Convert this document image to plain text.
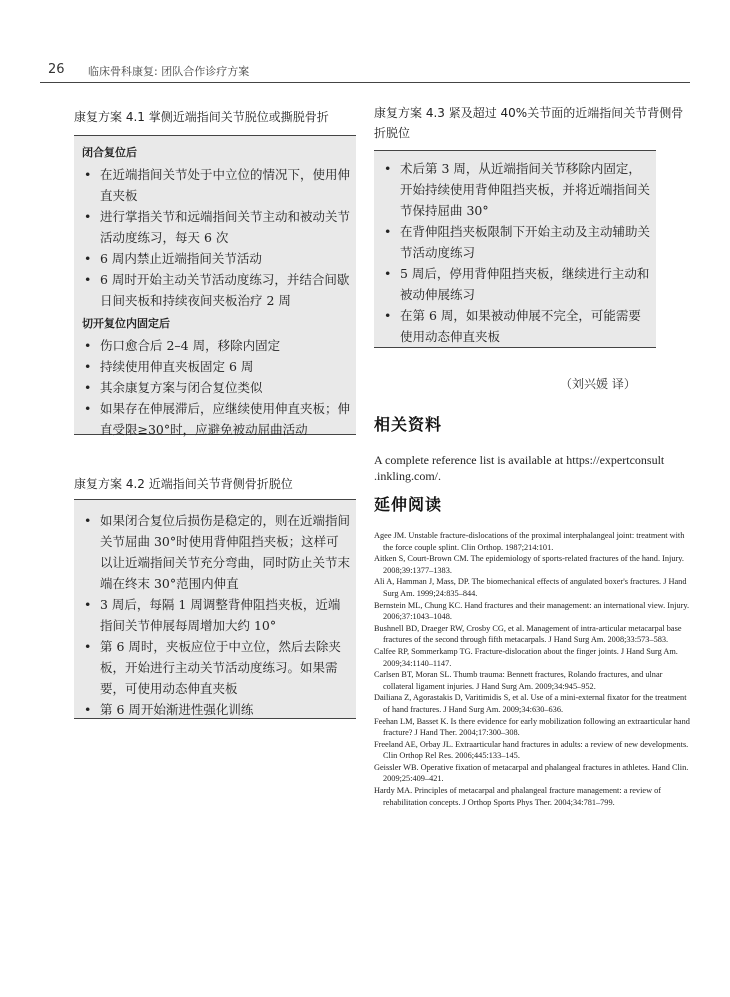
26 临床骨科康复: 团队合作诊疗方案
康复方案 4.1 掌侧近端指间关节脱位或撕脱骨折
闭合复位后
• 在近端指间关节处于中立位的情况下，使用伸直夹板
• 进行掌指关节和远端指间关节主动和被动关节活动度练习，每天 6 次
• 6 周内禁止近端指间关节活动
• 6 周时开始主动关节活动度练习，并结合间歇日间夹板和持续夜间夹板治疗 2 周
切开复位内固定后
• 伤口愈合后 2–4 周，移除内固定
• 持续使用伸直夹板固定 6 周
• 其余康复方案与闭合复位类似
• 如果存在伸展滞后，应继续使用伸直夹板；伸直受限≥30°时，应避免被动屈曲活动
康复方案 4.2 近端指间关节背侧骨折脱位
• 如果闭合复位后损伤是稳定的，则在近端指间关节屈曲 30°时使用背伸阻挡夹板；这样可以让近端指间关节充分弯曲，同时防止关节末端在终末 30°范围内伸直
• 3 周后，每隔 1 周调整背伸阻挡夹板，近端指间关节伸展每周增加大约 10°
• 第 6 周时，夹板应位于中立位，然后去除夹板，开始进行主动关节活动度练习。如果需要，可使用动态伸直夹板
• 第 6 周开始渐进性强化训练
康复方案 4.3 紧及超过 40%关节面的近端指间关节背侧骨
折脱位
• 术后第 3 周，从近端指间关节移除内固定，开始持续使用背伸阻挡夹板，并将近端指间关节保持屈曲 30°
• 在背伸阻挡夹板限制下开始主动及主动辅助关节活动度练习
• 5 周后，停用背伸阻挡夹板，继续进行主动和被动伸展练习
• 在第 6 周，如果被动伸展不完全，可能需要使用动态伸直夹板
（刘兴媛 译）
相关资料
A complete reference list is available at https://expertconsult .inkling.com/.
延伸阅读

Agee JM. Unstable fracture-dislocations of the proximal interphalangeal joint: treatment with the force couple splint. Clin Orthop. 1987;214:101.

Aitken S, Court-Brown CM. The epidemiology of sports-related fractures of the hand. Injury. 2008;39:1377–1383.

Ali A, Hamman J, Mass, DP. The biomechanical effects of angulated boxer's fractures. J Hand Surg Am. 1999;24:835–844.

Bernstein ML, Chung KC. Hand fractures and their management: an international view. Injury. 2006;37:1043–1048.

Bushnell BD, Draeger RW, Crosby CG, et al. Management of intra-articular metacarpal base fractures of the second through fifth metacarpals. J Hand Surg Am. 2008;33:573–583.

Calfee RP, Sommerkamp TG. Fracture-dislocation about the finger joints. J Hand Surg Am. 2009;34:1140–1147.

Carlsen BT, Moran SL. Thumb trauma: Bennett fractures, Rolando fractures, and ulnar collateral ligament injuries. J Hand Surg Am. 2009;34:945–952.

Dailiana Z, Agorastakis D, Varitimidis S, et al. Use of a mini-external fixator for the treatment of hand fractures. J Hand Surg Am. 2009;34:630–636.

Feehan LM, Basset K. Is there evidence for early mobilization following an extraarticular hand fracture? J Hand Ther. 2004;17:300–308.

Freeland AE, Orbay JL. Extraarticular hand fractures in adults: a review of new developments. Clin Orthop Rel Res. 2006;445:133–145.

Geissler WB. Operative fixation of metacarpal and phalangeal fractures in athletes. Hand Clin. 2009;25:409–421.

Hardy MA. Principles of metacarpal and phalangeal fracture management: a review of rehabilitation concepts. J Orthop Sports Phys Ther. 2004;34:781–799.
